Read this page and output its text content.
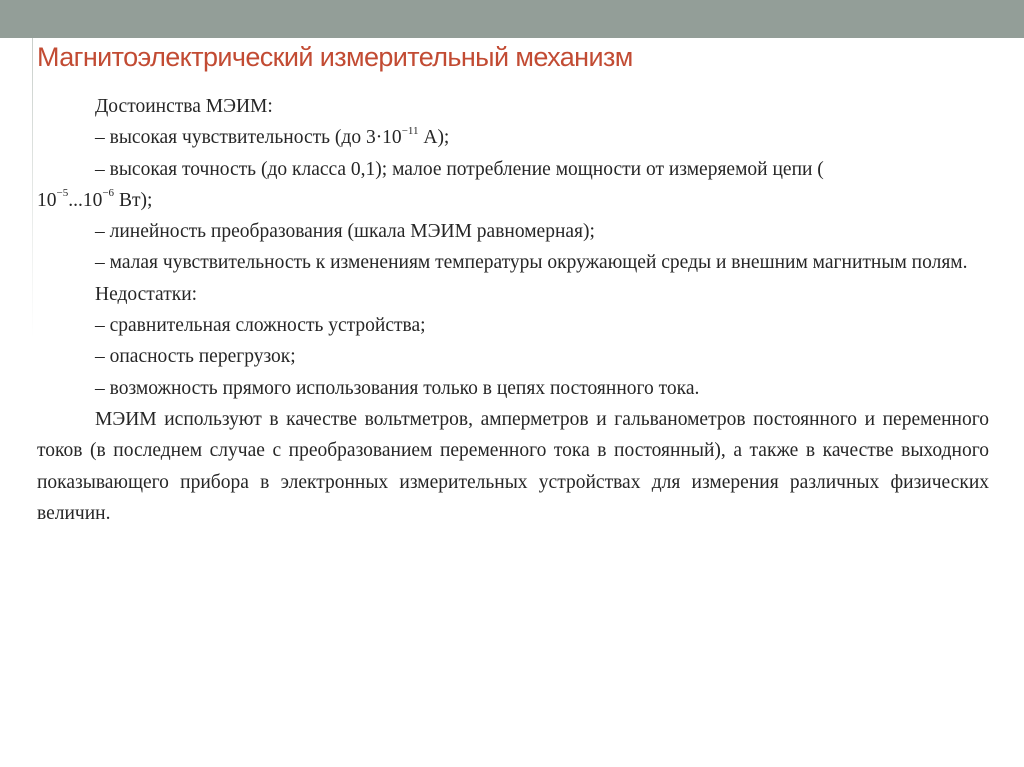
Магнитоэлектрический измерительный механизм

Достоинства МЭИМ:

– высокая чувствительность (до $3\cdot 10^{-11}$ А);

– высокая точность (до класса 0,1); малое потребление мощности от измеряемой цепи (
$10^{-5}...10^{-6}$ Вт);

– линейность преобразования (шкала МЭИМ равномерная);

– малая чувствительность к изменениям температуры окружающей среды и внешним магнитным полям.

Недостатки:

– сравнительная сложность устройства;

– опасность перегрузок;

– возможность прямого использования только в цепях постоянного тока.

МЭИМ используют в качестве вольтметров, амперметров и гальванометров постоянного и переменного токов (в последнем случае с преобразованием переменного тока в постоянный), а также в качестве выходного показывающего прибора в электронных измерительных устройствах для измерения различных физических величин.
